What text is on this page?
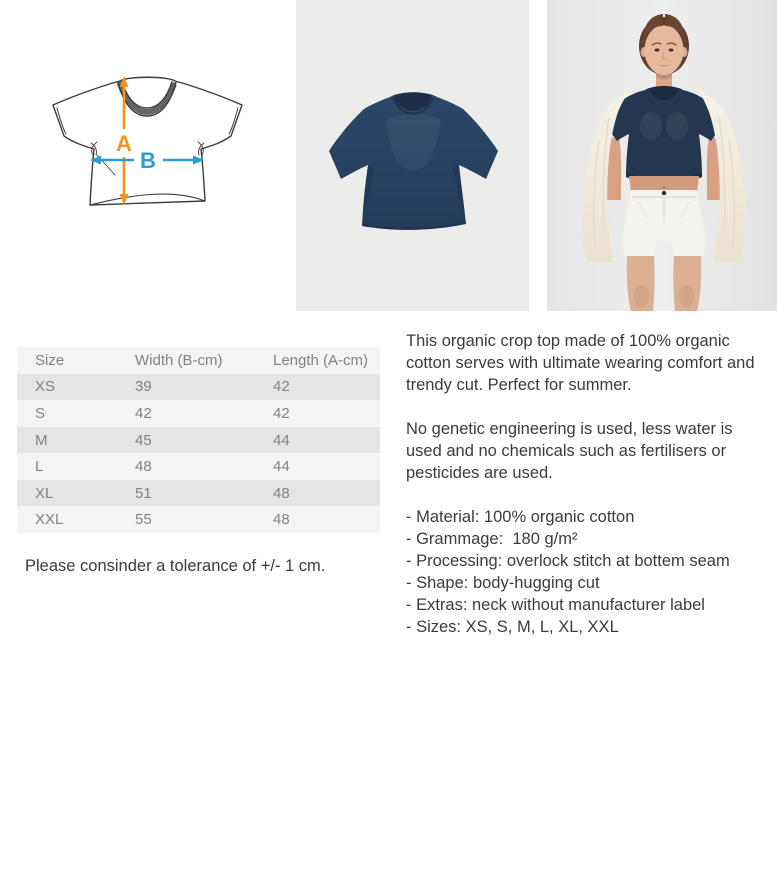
A
B
Size	Width (B-cm)	Length (A-cm)
XS	39	42
S	42	42
M	45	44
L	48	44
XL	51	48
XXL	55	48
Please consinder a tolerance of +/- 1 cm.

This organic crop top made of 100% organic cotton serves with ultimate wearing comfort and trendy cut. Perfect for summer.

No genetic engineering is used, less water is used and no chemicals such as fertilisers or pesticides are used.

- Material: 100% organic cotton
- Grammage:  180 g/m²
- Processing: overlock stitch at bottem seam
- Shape: body-hugging cut
- Extras: neck without manufacturer label
- Sizes: XS, S, M, L, XL, XXL
